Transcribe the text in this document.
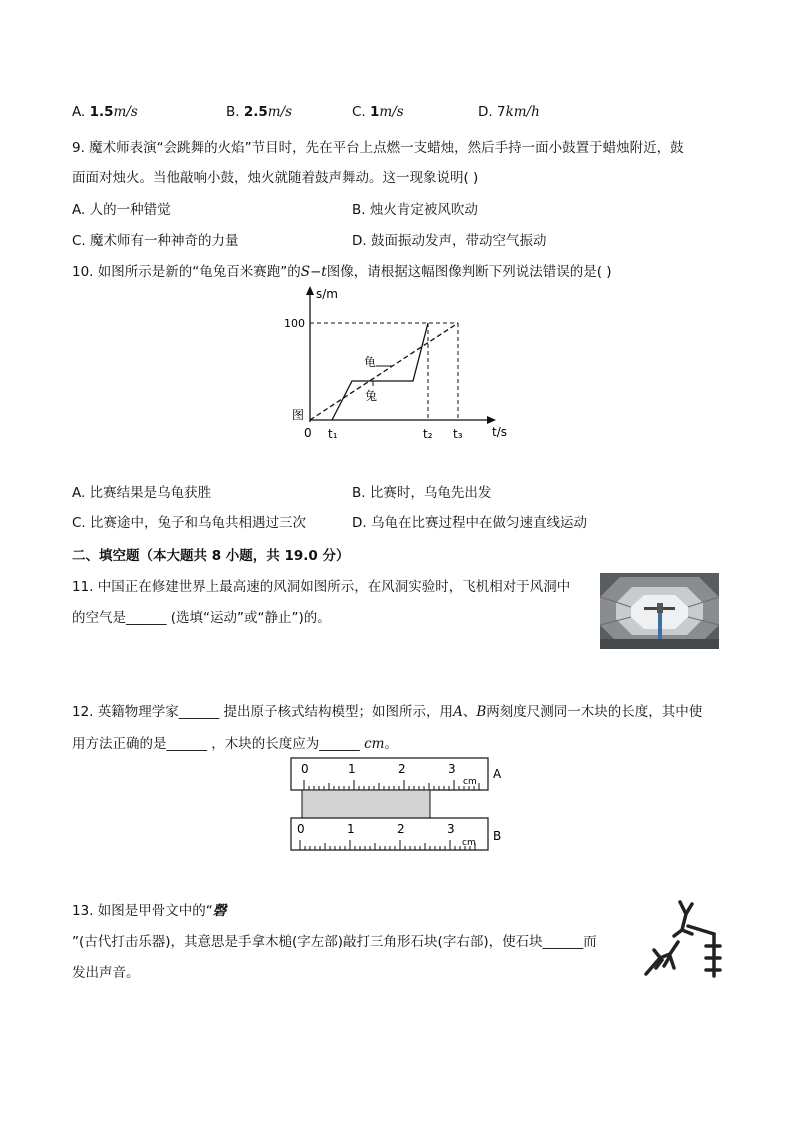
A. 1.5m/s	B. 2.5m/s	C. 1m/s	D. 7km/h
9. 魔术师表演“会跳舞的火焰”节目时，先在平台上点燃一支蜡烛，然后手持一面小鼓置于蜡烛附近，鼓
面面对烛火。当他敲响小鼓，烛火就随着鼓声舞动。这一现象说明( )
A. 人的一种错觉	B. 烛火肯定被风吹动
C. 魔术师有一种神奇的力量	D. 鼓面振动发声，带动空气振动
10. 如图所示是新的“龟兔百米赛跑”的S−t图像，请根据这幅图像判断下列说法错误的是( )
s/m
100
龟
兔
图
0 t₁	t₂ t₃ t/s
A. 比赛结果是乌龟获胜	B. 比赛时，乌龟先出发
C. 比赛途中，兔子和乌龟共相遇过三次	D. 乌龟在比赛过程中在做匀速直线运动
二、填空题（本大题共 8 小题，共 19.0 分）
11. 中国正在修建世界上最高速的风洞如图所示，在风洞实验时，飞机相对于风洞中
的空气是______ (选填“运动”或“静止”)的。
12. 英籍物理学家______ 提出原子核式结构模型；如图所示，用A、B两刻度尺测同一木块的长度，其中使
用方法正确的是______ ，木块的长度应为______ cm。
0	1	2	3
cm
A
0	1	2	3
cm B
13. 如图是甲骨文中的“磬
”(古代打击乐器)，其意思是手拿木槌(字左部)敲打三角形石块(字右部)，使石块______而
发出声音。
